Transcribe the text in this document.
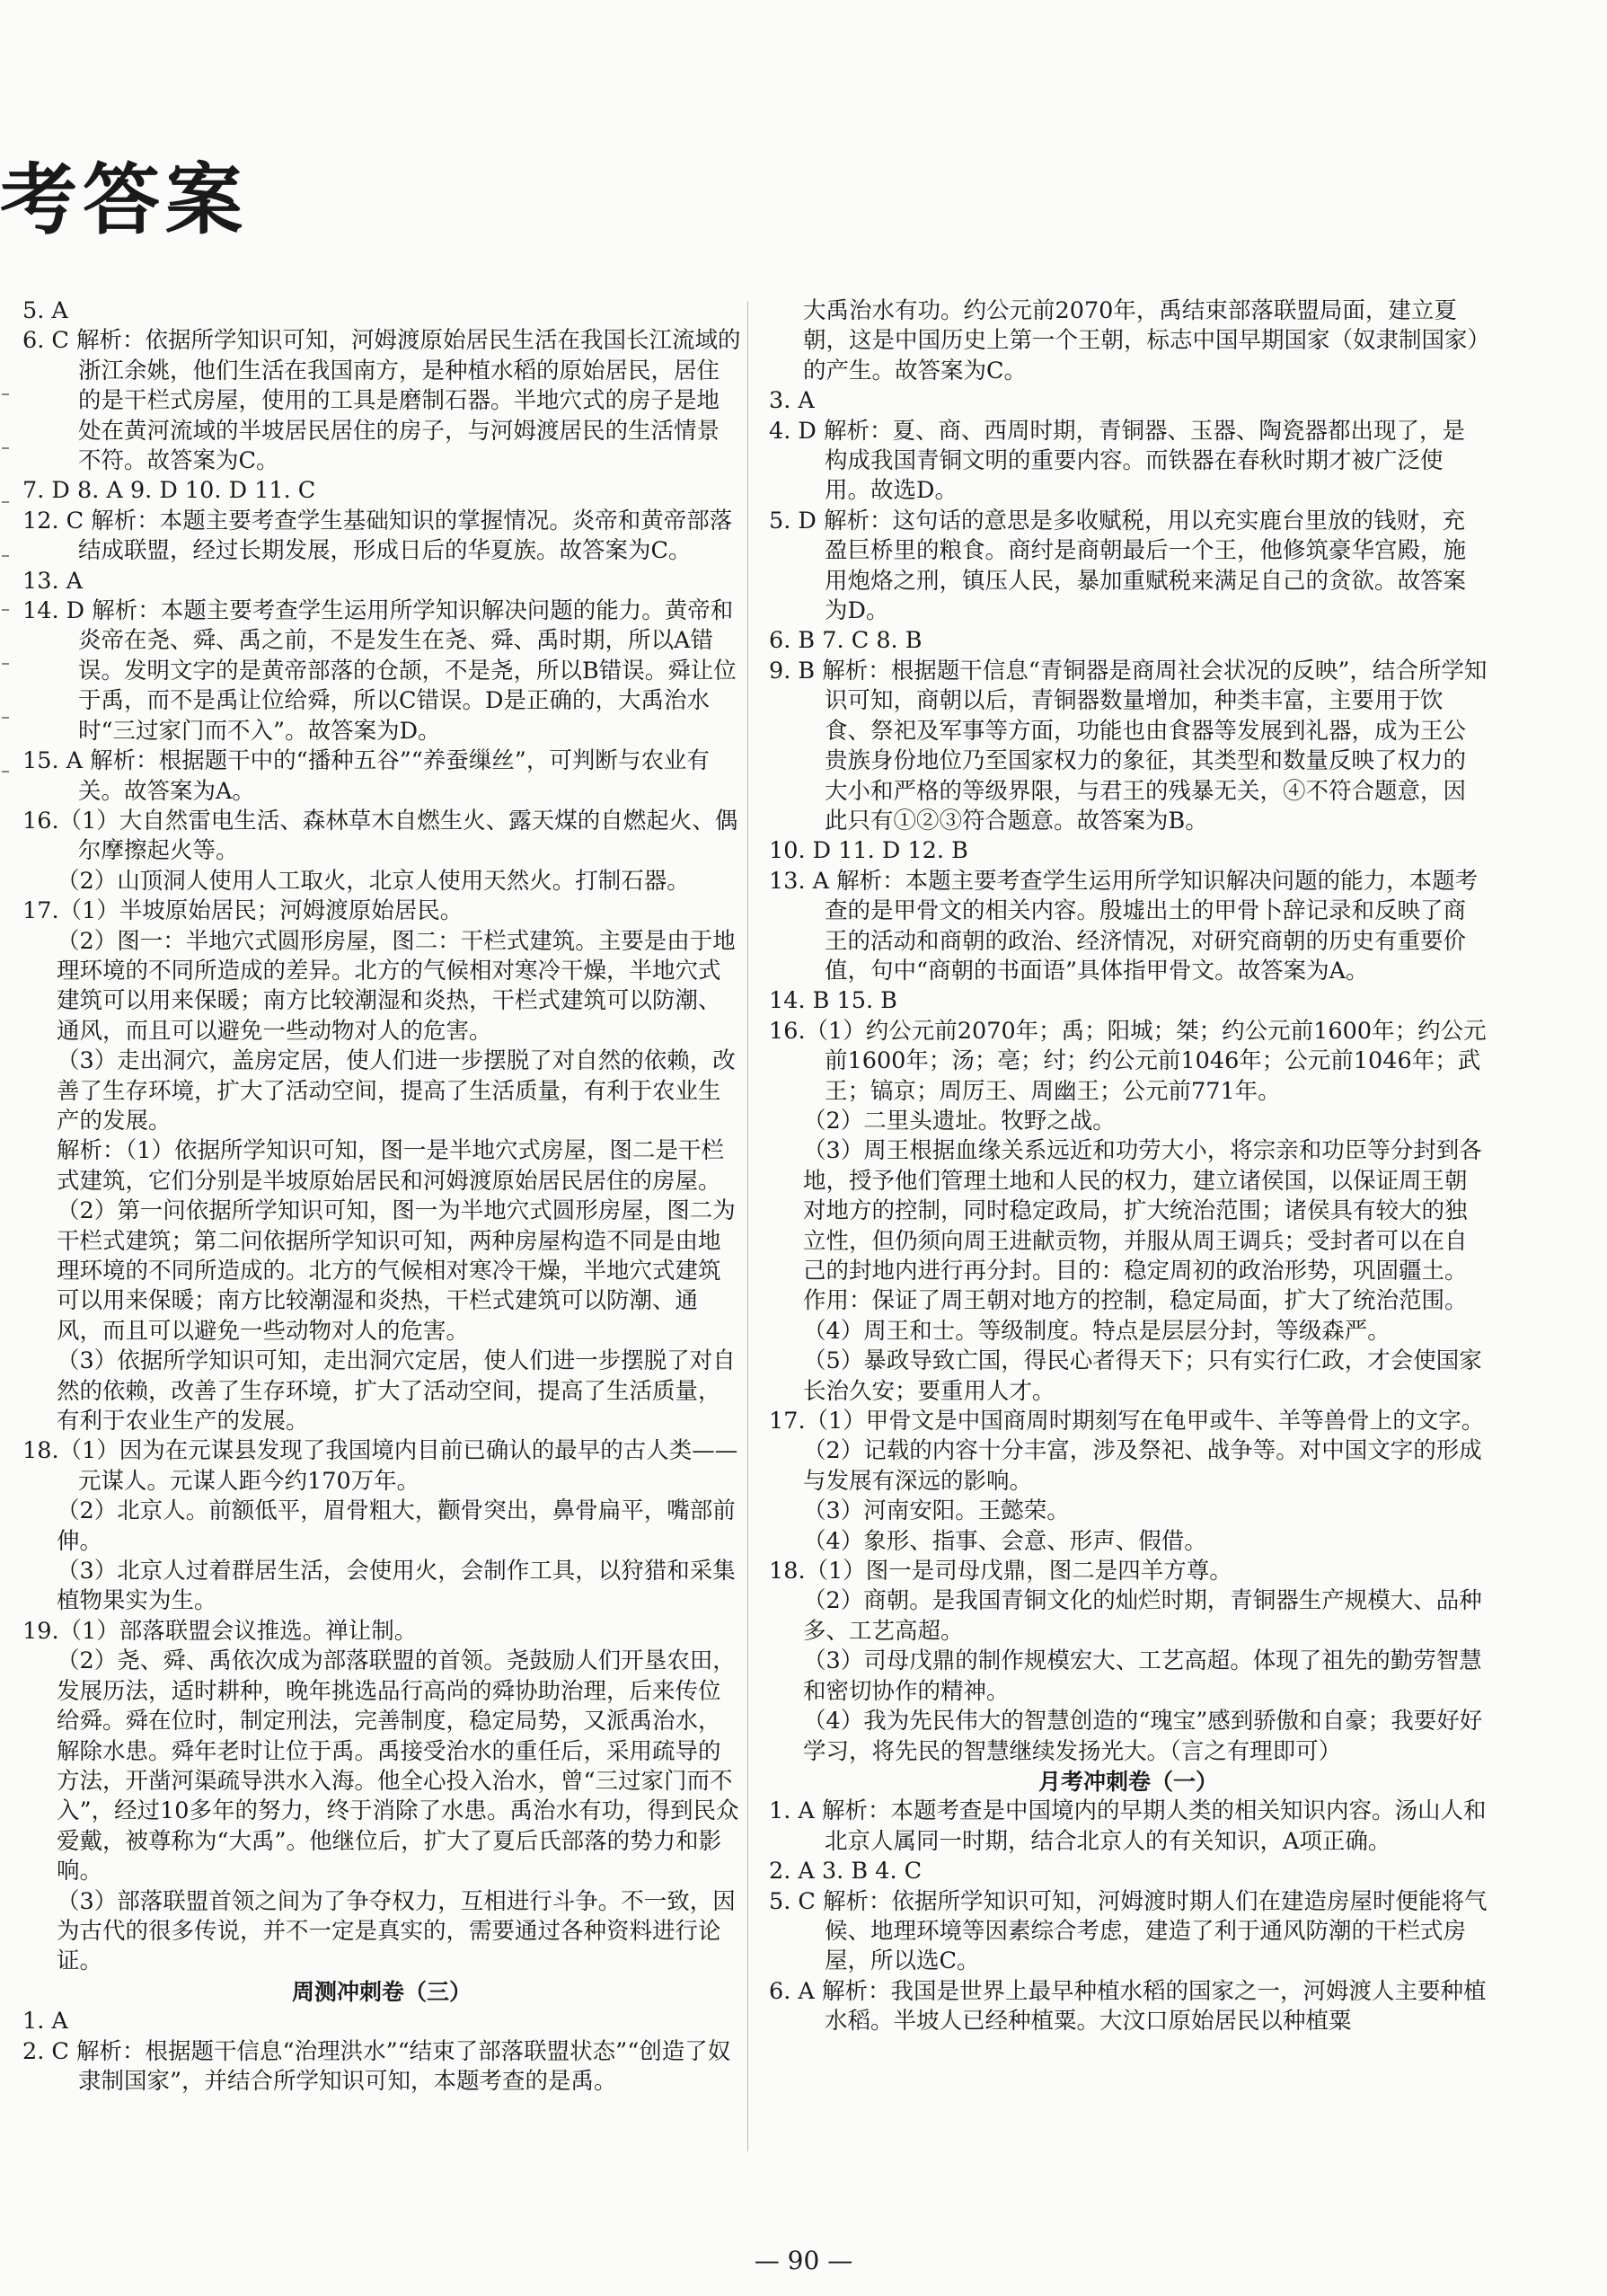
考答案

5. A

6. C 解析：依据所学知识可知，河姆渡原始居民生活在我国长江流域的浙江余姚，他们生活在我国南方，是种植水稻的原始居民，居住的是干栏式房屋，使用的工具是磨制石器。半地穴式的房子是地处在黄河流域的半坡居民居住的房子，与河姆渡居民的生活情景不符。故答案为C。

7. D 8. A 9. D 10. D 11. C

12. C 解析：本题主要考查学生基础知识的掌握情况。炎帝和黄帝部落结成联盟，经过长期发展，形成日后的华夏族。故答案为C。

13. A

14. D 解析：本题主要考查学生运用所学知识解决问题的能力。黄帝和炎帝在尧、舜、禹之前，不是发生在尧、舜、禹时期，所以A错误。发明文字的是黄帝部落的仓颉，不是尧，所以B错误。舜让位于禹，而不是禹让位给舜，所以C错误。D是正确的，大禹治水时“三过家门而不入”。故答案为D。

15. A 解析：根据题干中的“播种五谷”“养蚕缫丝”，可判断与农业有关。故答案为A。

16.（1）大自然雷电生活、森林草木自燃生火、露天煤的自燃起火、偶尔摩擦起火等。

（2）山顶洞人使用人工取火，北京人使用天然火。打制石器。

17.（1）半坡原始居民；河姆渡原始居民。

（2）图一：半地穴式圆形房屋，图二：干栏式建筑。主要是由于地理环境的不同所造成的差异。北方的气候相对寒冷干燥，半地穴式建筑可以用来保暖；南方比较潮湿和炎热，干栏式建筑可以防潮、通风，而且可以避免一些动物对人的危害。

（3）走出洞穴，盖房定居，使人们进一步摆脱了对自然的依赖，改善了生存环境，扩大了活动空间，提高了生活质量，有利于农业生产的发展。

解析：（1）依据所学知识可知，图一是半地穴式房屋，图二是干栏式建筑，它们分别是半坡原始居民和河姆渡原始居民居住的房屋。

（2）第一问依据所学知识可知，图一为半地穴式圆形房屋，图二为干栏式建筑；第二问依据所学知识可知，两种房屋构造不同是由地理环境的不同所造成的。北方的气候相对寒冷干燥，半地穴式建筑可以用来保暖；南方比较潮湿和炎热，干栏式建筑可以防潮、通风，而且可以避免一些动物对人的危害。

（3）依据所学知识可知，走出洞穴定居，使人们进一步摆脱了对自然的依赖，改善了生存环境，扩大了活动空间，提高了生活质量，有利于农业生产的发展。

18.（1）因为在元谋县发现了我国境内目前已确认的最早的古人类——元谋人。元谋人距今约170万年。

（2）北京人。前额低平，眉骨粗大，颧骨突出，鼻骨扁平，嘴部前伸。

（3）北京人过着群居生活，会使用火，会制作工具，以狩猎和采集植物果实为生。

19.（1）部落联盟会议推选。禅让制。

（2）尧、舜、禹依次成为部落联盟的首领。尧鼓励人们开垦农田，发展历法，适时耕种，晚年挑选品行高尚的舜协助治理，后来传位给舜。舜在位时，制定刑法，完善制度，稳定局势，又派禹治水，解除水患。舜年老时让位于禹。禹接受治水的重任后，采用疏导的方法，开凿河渠疏导洪水入海。他全心投入治水，曾“三过家门而不入”，经过10多年的努力，终于消除了水患。禹治水有功，得到民众爱戴，被尊称为“大禹”。他继位后，扩大了夏后氏部落的势力和影响。

（3）部落联盟首领之间为了争夺权力，互相进行斗争。不一致，因为古代的很多传说，并不一定是真实的，需要通过各种资料进行论证。

周测冲刺卷（三）

1. A

2. C 解析：根据题干信息“治理洪水”“结束了部落联盟状态”“创造了奴隶制国家”，并结合所学知识可知，本题考查的是禹。

大禹治水有功。约公元前2070年，禹结束部落联盟局面，建立夏朝，这是中国历史上第一个王朝，标志中国早期国家（奴隶制国家）的产生。故答案为C。

3. A

4. D 解析：夏、商、西周时期，青铜器、玉器、陶瓷器都出现了，是构成我国青铜文明的重要内容。而铁器在春秋时期才被广泛使用。故选D。

5. D 解析：这句话的意思是多收赋税，用以充实鹿台里放的钱财，充盈巨桥里的粮食。商纣是商朝最后一个王，他修筑豪华宫殿，施用炮烙之刑，镇压人民，暴加重赋税来满足自己的贪欲。故答案为D。

6. B 7. C 8. B

9. B 解析：根据题干信息“青铜器是商周社会状况的反映”，结合所学知识可知，商朝以后，青铜器数量增加，种类丰富，主要用于饮食、祭祀及军事等方面，功能也由食器等发展到礼器，成为王公贵族身份地位乃至国家权力的象征，其类型和数量反映了权力的大小和严格的等级界限，与君王的残暴无关，④不符合题意，因此只有①②③符合题意。故答案为B。

10. D 11. D 12. B

13. A 解析：本题主要考查学生运用所学知识解决问题的能力，本题考查的是甲骨文的相关内容。殷墟出土的甲骨卜辞记录和反映了商王的活动和商朝的政治、经济情况，对研究商朝的历史有重要价值，句中“商朝的书面语”具体指甲骨文。故答案为A。

14. B 15. B

16.（1）约公元前2070年；禹；阳城；桀；约公元前1600年；约公元前1600年；汤；亳；纣；约公元前1046年；公元前1046年；武王；镐京；周厉王、周幽王；公元前771年。

（2）二里头遗址。牧野之战。

（3）周王根据血缘关系远近和功劳大小，将宗亲和功臣等分封到各地，授予他们管理土地和人民的权力，建立诸侯国，以保证周王朝对地方的控制，同时稳定政局，扩大统治范围；诸侯具有较大的独立性，但仍须向周王进献贡物，并服从周王调兵；受封者可以在自己的封地内进行再分封。目的：稳定周初的政治形势，巩固疆土。作用：保证了周王朝对地方的控制，稳定局面，扩大了统治范围。

（4）周王和士。等级制度。特点是层层分封，等级森严。

（5）暴政导致亡国，得民心者得天下；只有实行仁政，才会使国家长治久安；要重用人才。

17.（1）甲骨文是中国商周时期刻写在龟甲或牛、羊等兽骨上的文字。

（2）记载的内容十分丰富，涉及祭祀、战争等。对中国文字的形成与发展有深远的影响。

（3）河南安阳。王懿荣。

（4）象形、指事、会意、形声、假借。

18.（1）图一是司母戊鼎，图二是四羊方尊。

（2）商朝。是我国青铜文化的灿烂时期，青铜器生产规模大、品种多、工艺高超。

（3）司母戊鼎的制作规模宏大、工艺高超。体现了祖先的勤劳智慧和密切协作的精神。

（4）我为先民伟大的智慧创造的“瑰宝”感到骄傲和自豪；我要好好学习，将先民的智慧继续发扬光大。（言之有理即可）

月考冲刺卷（一）

1. A 解析：本题考查是中国境内的早期人类的相关知识内容。汤山人和北京人属同一时期，结合北京人的有关知识，A项正确。

2. A 3. B 4. C

5. C 解析：依据所学知识可知，河姆渡时期人们在建造房屋时便能将气候、地理环境等因素综合考虑，建造了利于通风防潮的干栏式房屋，所以选C。

6. A 解析：我国是世界上最早种植水稻的国家之一，河姆渡人主要种植水稻。半坡人已经种植粟。大汶口原始居民以种植粟

— 90 —
